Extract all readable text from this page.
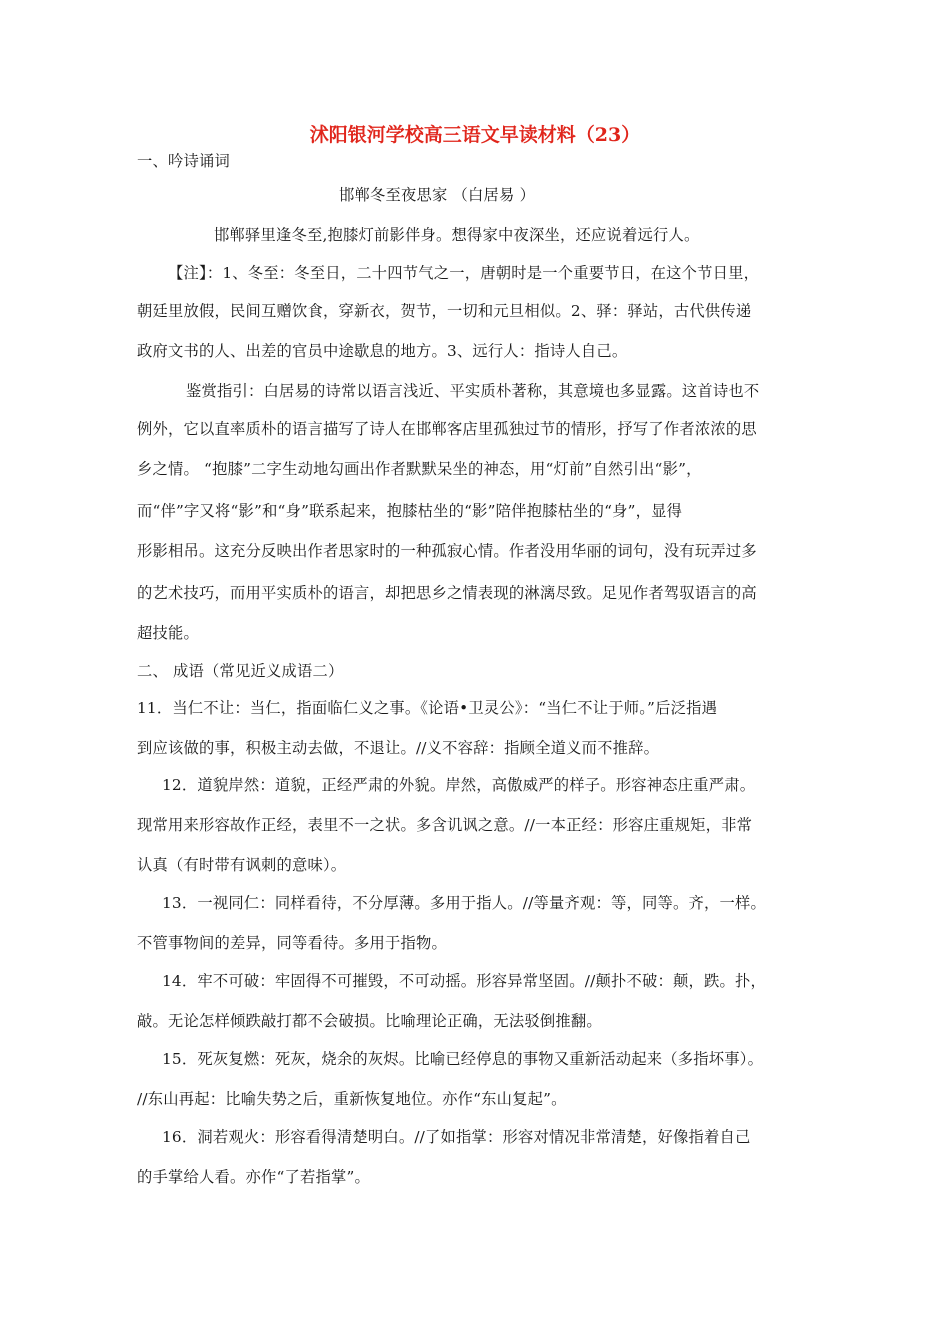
沭阳银河学校高三语文早读材料（23）
一、吟诗诵词
邯郸冬至夜思家 （白居易 ）
邯郸驿里逢冬至,抱膝灯前影伴身。想得家中夜深坐，还应说着远行人。
【注】：1、冬至：冬至日，二十四节气之一，唐朝时是一个重要节日，在这个节日里，
朝廷里放假，民间互赠饮食，穿新衣，贺节，一切和元旦相似。2、驿：驿站，古代供传递
政府文书的人、出差的官员中途歇息的地方。3、远行人：指诗人自己。
鉴赏指引：白居易的诗常以语言浅近、平实质朴著称，其意境也多显露。这首诗也不
例外，它以直率质朴的语言描写了诗人在邯郸客店里孤独过节的情形，抒写了作者浓浓的思
乡之情。 “抱膝”二字生动地勾画出作者默默呆坐的神态，用“灯前”自然引出“影”，
而“伴”字又将“影”和“身”联系起来，抱膝枯坐的“影”陪伴抱膝枯坐的“身”，显得
形影相吊。这充分反映出作者思家时的一种孤寂心情。作者没用华丽的词句，没有玩弄过多
的艺术技巧，而用平实质朴的语言，却把思乡之情表现的淋漓尽致。足见作者驾驭语言的高
超技能。
二、 成语（常见近义成语二）
11．当仁不让：当仁，指面临仁义之事。《论语•卫灵公》：“当仁不让于师。”后泛指遇
到应该做的事，积极主动去做，不退让。//义不容辞：指顾全道义而不推辞。
12．道貌岸然：道貌，正经严肃的外貌。岸然，高傲威严的样子。形容神态庄重严肃。
现常用来形容故作正经，表里不一之状。多含讥讽之意。//一本正经：形容庄重规矩，非常
认真（有时带有讽刺的意味）。
13．一视同仁：同样看待，不分厚薄。多用于指人。//等量齐观：等，同等。齐，一样。
不管事物间的差异，同等看待。多用于指物。
14．牢不可破：牢固得不可摧毁，不可动摇。形容异常坚固。//颠扑不破：颠，跌。扑，
敲。无论怎样倾跌敲打都不会破损。比喻理论正确，无法驳倒推翻。
15．死灰复燃：死灰，烧余的灰烬。比喻已经停息的事物又重新活动起来（多指坏事）。
//东山再起：比喻失势之后，重新恢复地位。亦作“东山复起”。
16．洞若观火：形容看得清楚明白。//了如指掌：形容对情况非常清楚，好像指着自己
的手掌给人看。亦作“了若指掌”。
